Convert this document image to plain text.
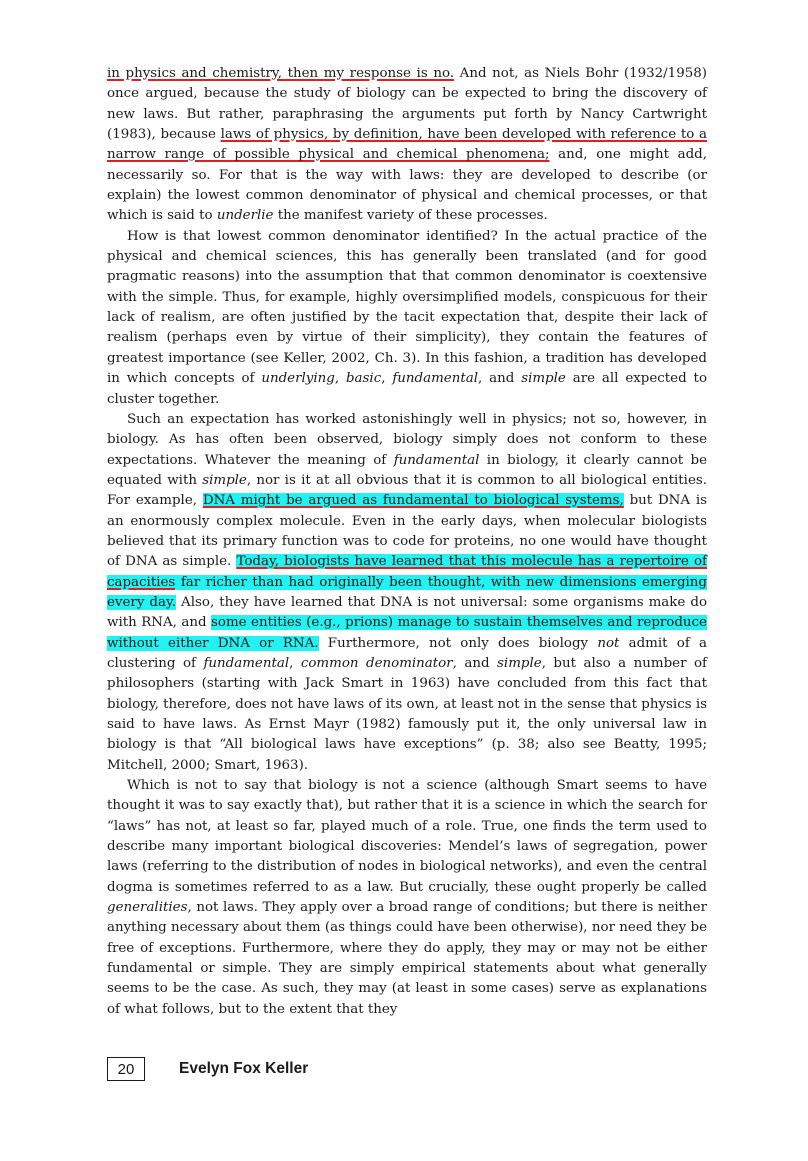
in physics and chemistry, then my response is no. And not, as Niels Bohr (1932/1958) once argued, because the study of biology can be expected to bring the discovery of new laws. But rather, paraphrasing the arguments put forth by Nancy Cartwright (1983), because laws of physics, by definition, have been developed with reference to a narrow range of possible physical and chemical phenomena; and, one might add, necessarily so. For that is the way with laws: they are developed to describe (or explain) the lowest common denominator of physical and chemical processes, or that which is said to underlie the manifest variety of these processes.

How is that lowest common denominator identified? In the actual practice of the physical and chemical sciences, this has generally been translated (and for good pragmatic reasons) into the assumption that that common denominator is coextensive with the simple. Thus, for example, highly oversimplified models, conspicuous for their lack of realism, are often justified by the tacit expectation that, despite their lack of realism (perhaps even by virtue of their simplicity), they contain the features of greatest importance (see Keller, 2002, Ch. 3). In this fashion, a tradition has developed in which concepts of underlying, basic, fundamental, and simple are all expected to cluster together.

Such an expectation has worked astonishingly well in physics; not so, however, in biology. As has often been observed, biology simply does not conform to these expectations. Whatever the meaning of fundamental in biology, it clearly cannot be equated with simple, nor is it at all obvious that it is common to all biological entities. For example, DNA might be argued as fundamental to biological systems, but DNA is an enormously complex molecule. Even in the early days, when molecular biologists believed that its primary function was to code for proteins, no one would have thought of DNA as simple. Today, biologists have learned that this molecule has a repertoire of capacities far richer than had originally been thought, with new dimensions emerging every day. Also, they have learned that DNA is not universal: some organisms make do with RNA, and some entities (e.g., prions) manage to sustain themselves and reproduce without either DNA or RNA. Furthermore, not only does biology not admit of a clustering of fundamental, common denominator, and simple, but also a number of philosophers (starting with Jack Smart in 1963) have concluded from this fact that biology, therefore, does not have laws of its own, at least not in the sense that physics is said to have laws. As Ernst Mayr (1982) famously put it, the only universal law in biology is that “All biological laws have exceptions” (p. 38; also see Beatty, 1995; Mitchell, 2000; Smart, 1963).

Which is not to say that biology is not a science (although Smart seems to have thought it was to say exactly that), but rather that it is a science in which the search for “laws” has not, at least so far, played much of a role. True, one finds the term used to describe many important biological discoveries: Mendel’s laws of segregation, power laws (referring to the distribution of nodes in biological networks), and even the central dogma is sometimes referred to as a law. But crucially, these ought properly be called generalities, not laws. They apply over a broad range of conditions; but there is neither anything necessary about them (as things could have been otherwise), nor need they be free of exceptions. Furthermore, where they do apply, they may or may not be either fundamental or simple. They are simply empirical statements about what generally seems to be the case. As such, they may (at least in some cases) serve as explanations of what follows, but to the extent that they

20	Evelyn Fox Keller
